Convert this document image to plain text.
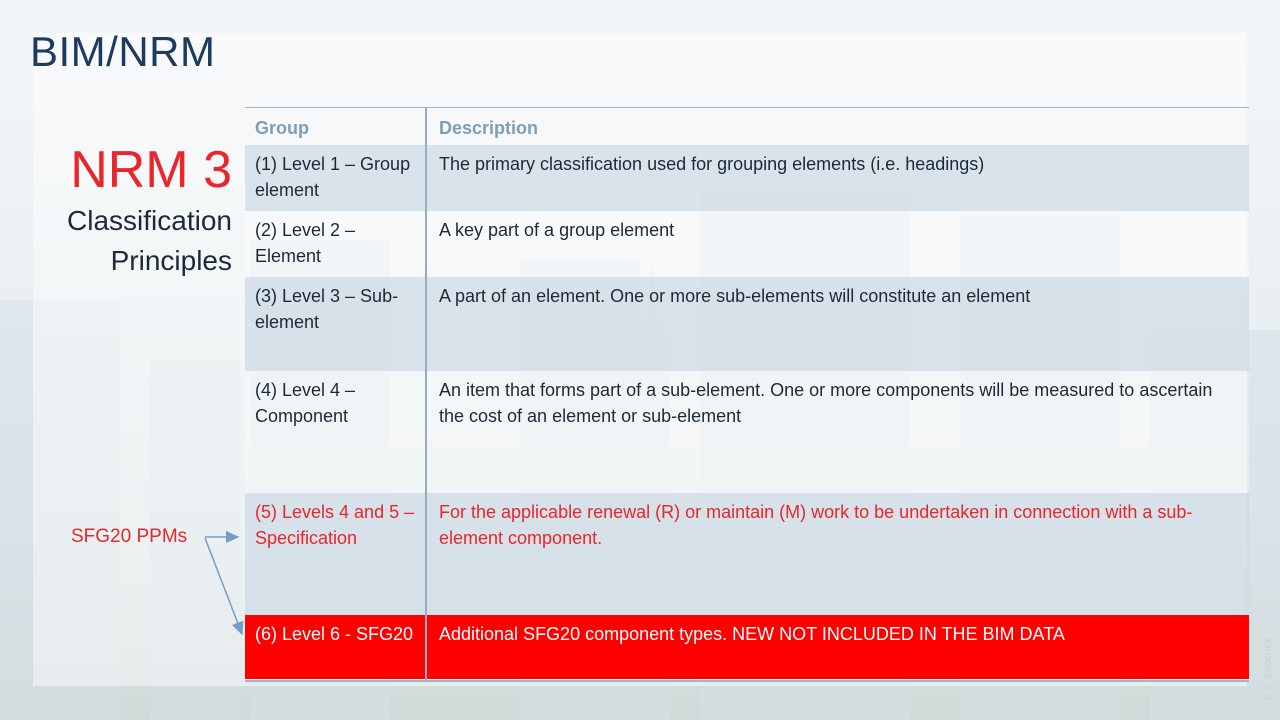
BIM/NRM
NRM 3
Classification
Principles
SFG20 PPMs
Group	Description
(1) Level 1 – Group element
The primary classification used for grouping elements (i.e. headings)
(2) Level 2 – Element
A key part of a group element
(3) Level 3 – Sub-element
A part of an element. One or more sub-elements will constitute an element
(4) Level 4 – Component
An item that forms part of a sub-element. One or more components will be measured to ascertain the cost of an element or sub-element
(5) Levels 4 and 5 – Specification
For the applicable renewal (R) or maintain (M) work to be undertaken in connection with a sub-element component.
(6) Level 6 - SFG20	Additional SFG20 component types. NEW NOT INCLUDED IN THE BIM DATA
E K Simcock
